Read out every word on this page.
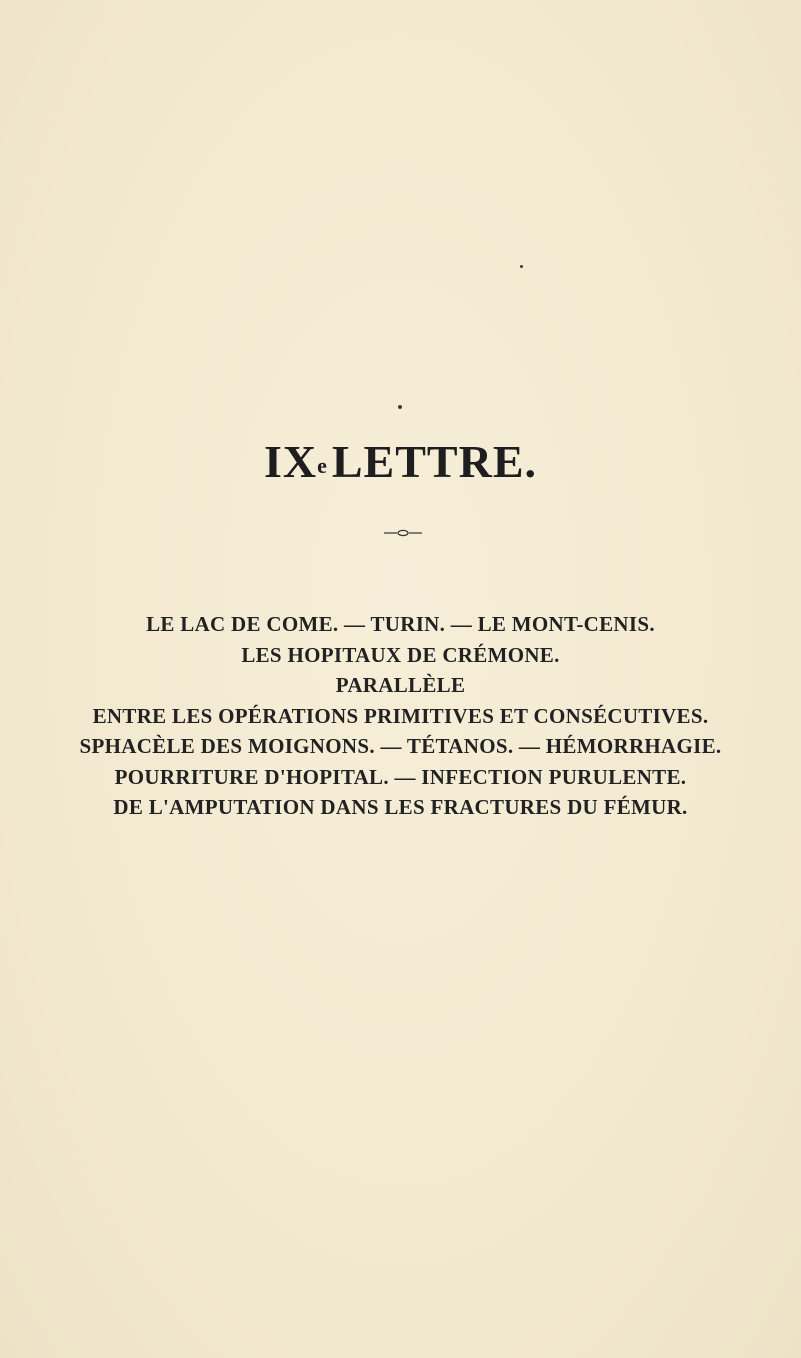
IXeLETTRE.
LE LAC DE COME. — TURIN. — LE MONT-CENIS.
LES HOPITAUX DE CRÉMONE.
PARALLÈLE
ENTRE LES OPÉRATIONS PRIMITIVES ET CONSÉCUTIVES.
SPHACÈLE DES MOIGNONS. — TÉTANOS. — HÉMORRHAGIE.
POURRITURE D'HOPITAL. — INFECTION PURULENTE.
DE L'AMPUTATION DANS LES FRACTURES DU FÉMUR.
